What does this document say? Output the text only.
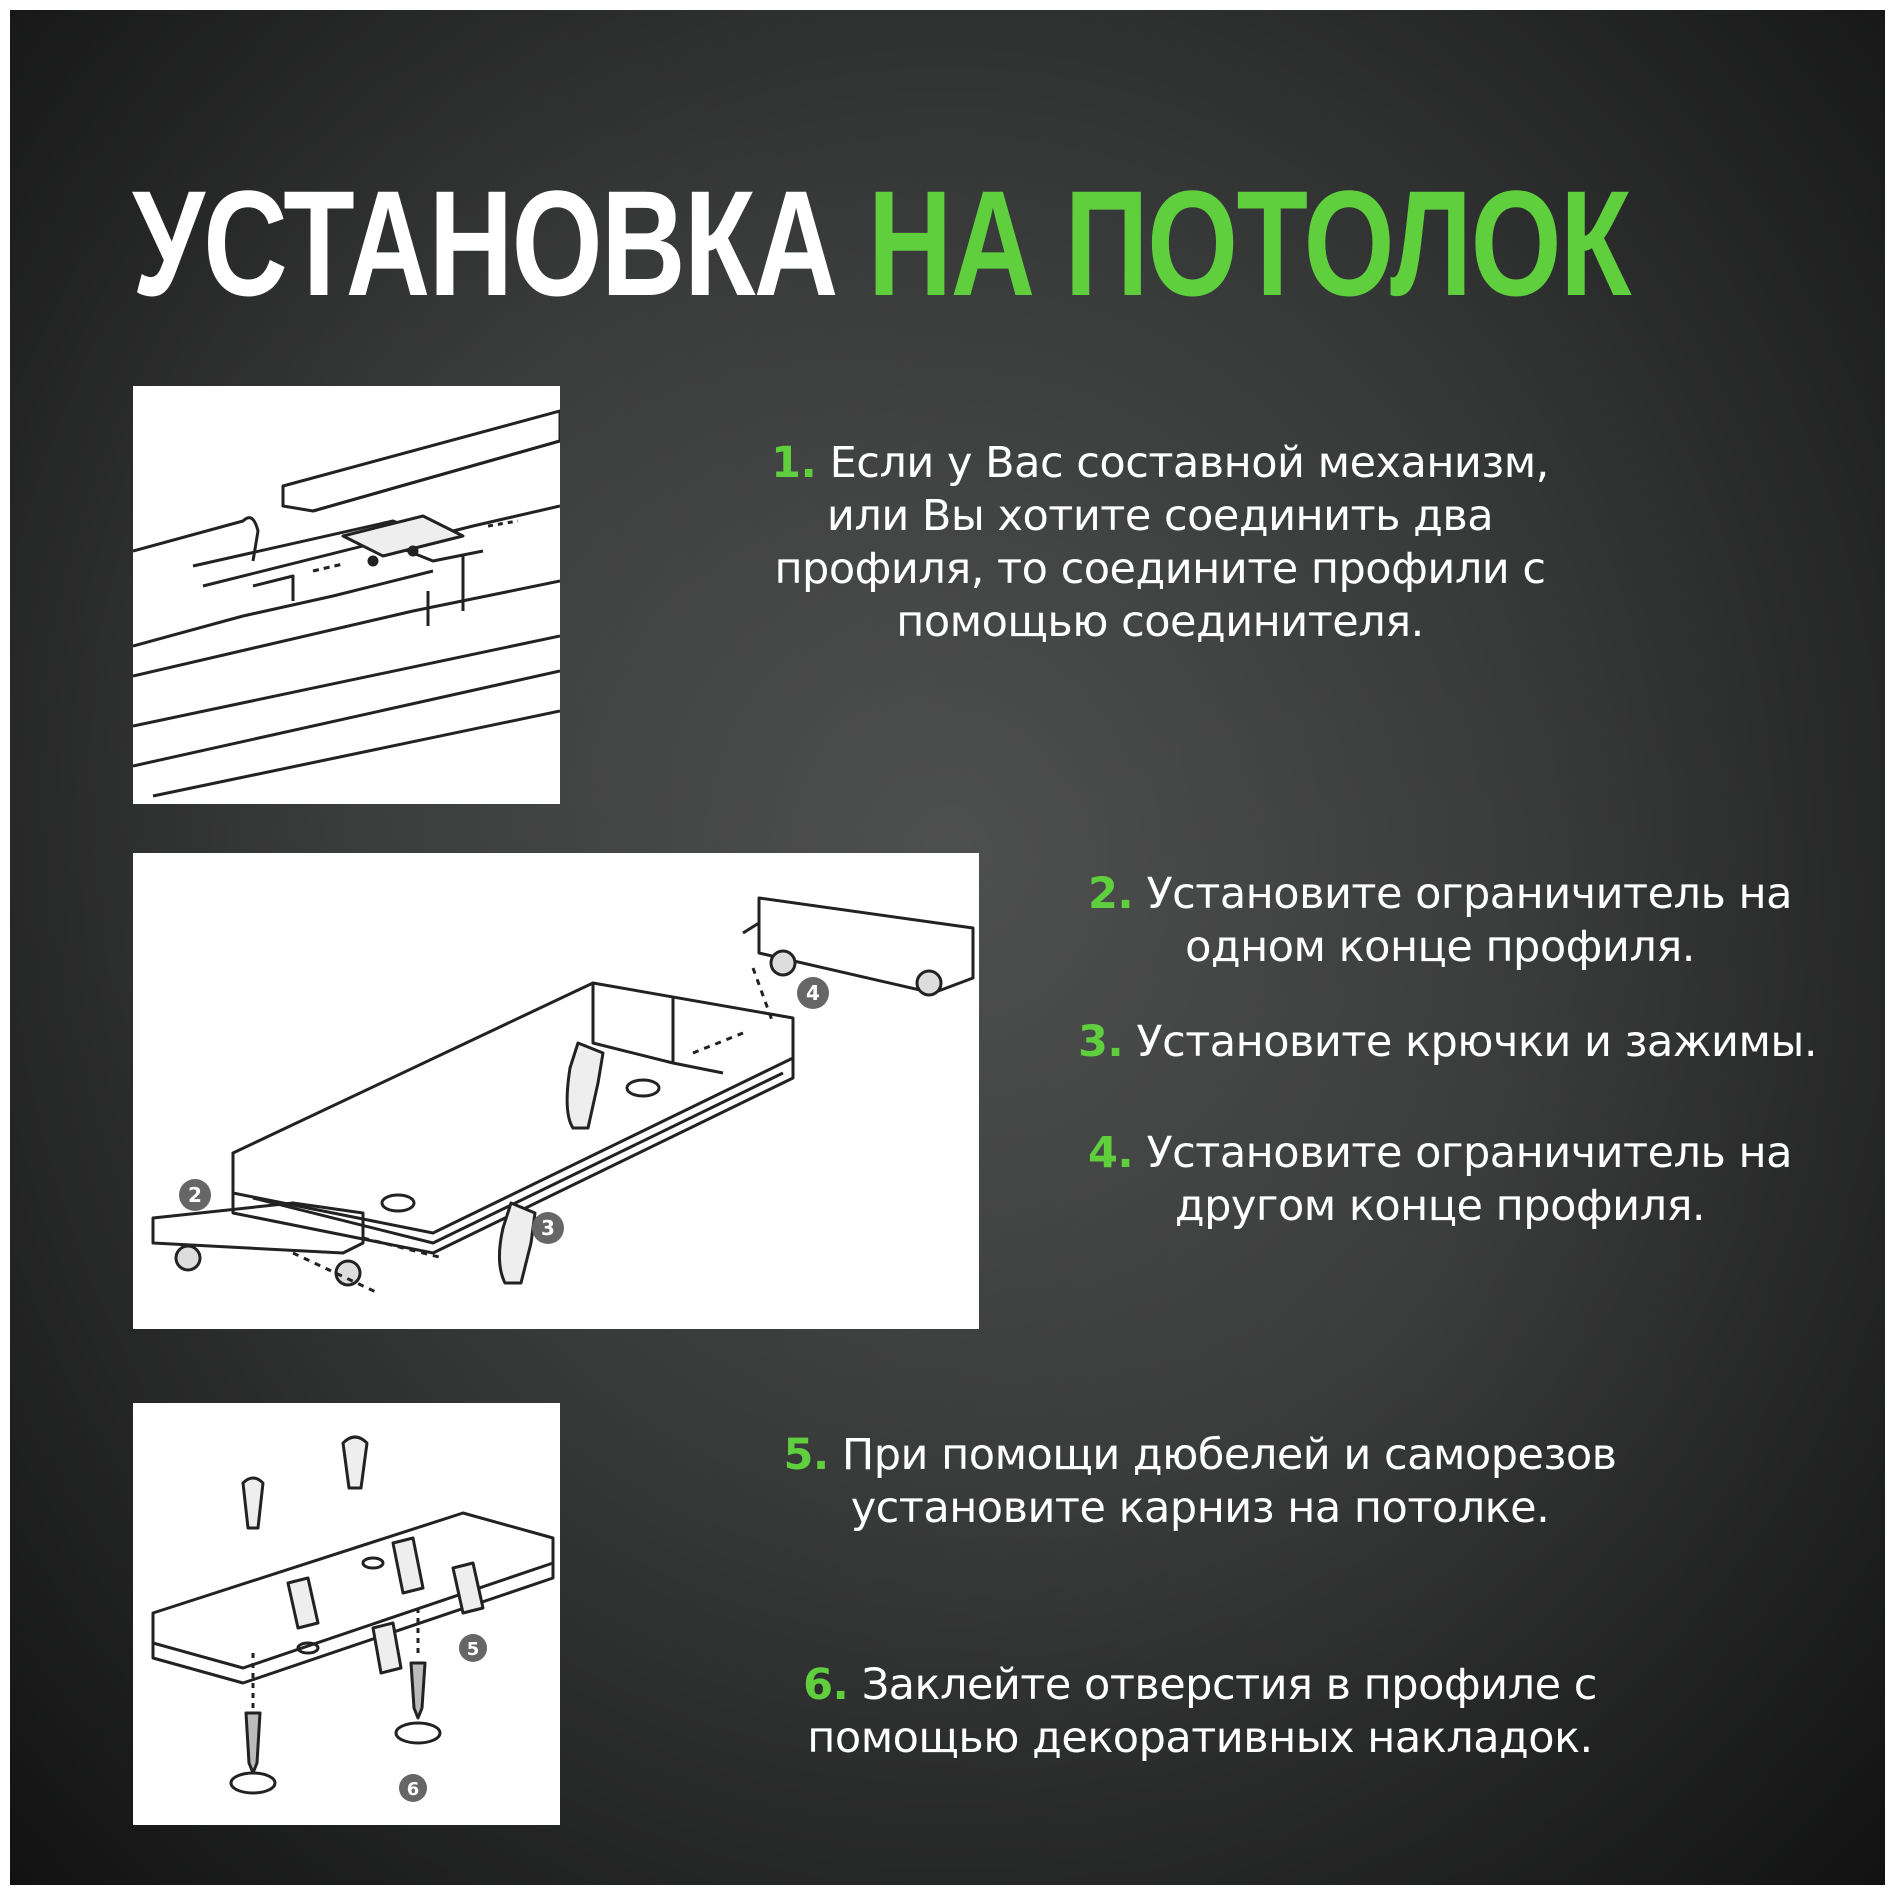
УСТАНОВКА НА ПОТОЛОК
2
3
4
5
6
1. Если у Вас составной механизм,
или Вы хотите соединить два
профиля, то соедините профили с
помощью соединителя.
2. Установите ограничитель на
одном конце профиля.
3. Установите крючки и зажимы.
4. Установите ограничитель на
другом конце профиля.
5. При помощи дюбелей и саморезов
установите карниз на потолке.
6. Заклейте отверстия в профиле с
помощью декоративных накладок.
